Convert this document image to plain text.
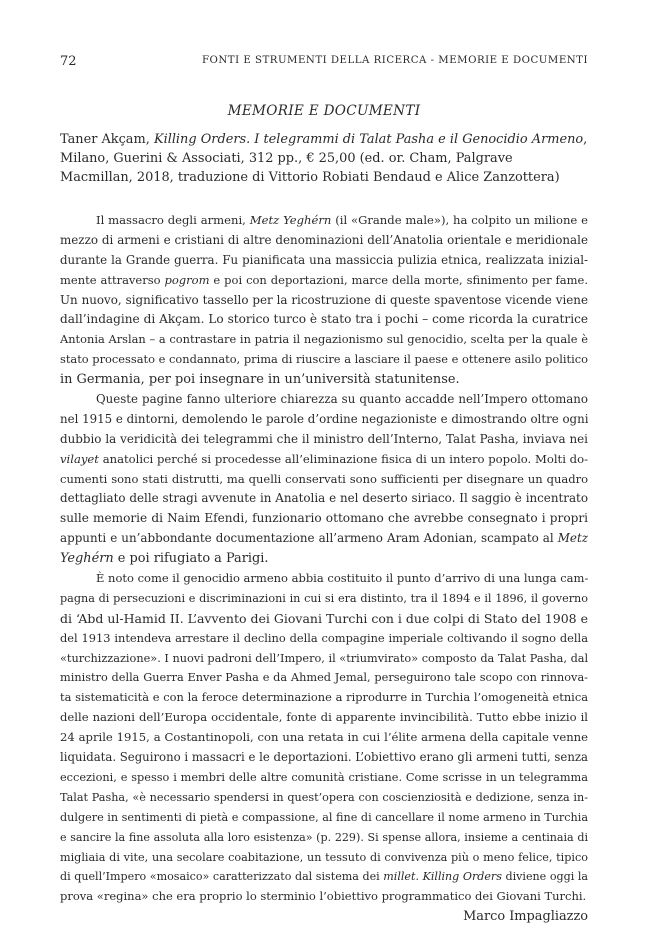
72	FONTI E STRUMENTI DELLA RICERCA - MEMORIE E DOCUMENTI
MEMORIE E DOCUMENTI
Taner Akçam, Killing Orders. I telegrammi di Talat Pasha e il Genocidio Armeno, Milano, Guerini & Associati, 312 pp., € 25,00 (ed. or. Cham, Palgrave Macmillan, 2018, traduzione di Vittorio Robiati Bendaud e Alice Zanzottera)
Il massacro degli armeni, Metz Yeghérn (il «Grande male»), ha colpito un milione e
mezzo di armeni e cristiani di altre denominazioni dell’Anatolia orientale e meridionale
durante la Grande guerra. Fu pianificata una massiccia pulizia etnica, realizzata inizial-
mente attraverso pogrom e poi con deportazioni, marce della morte, sfinimento per fame.
Un nuovo, significativo tassello per la ricostruzione di queste spaventose vicende viene
dall’indagine di Akçam. Lo storico turco è stato tra i pochi – come ricorda la curatrice
Antonia Arslan – a contrastare in patria il negazionismo sul genocidio, scelta per la quale è
stato processato e condannato, prima di riuscire a lasciare il paese e ottenere asilo politico
in Germania, per poi insegnare in un’università statunitense.
Queste pagine fanno ulteriore chiarezza su quanto accadde nell’Impero ottomano
nel 1915 e dintorni, demolendo le parole d’ordine negazioniste e dimostrando oltre ogni
dubbio la veridicità dei telegrammi che il ministro dell’Interno, Talat Pasha, inviava nei
vilayet anatolici perché si procedesse all’eliminazione fisica di un intero popolo. Molti do-
cumenti sono stati distrutti, ma quelli conservati sono sufficienti per disegnare un quadro
dettagliato delle stragi avvenute in Anatolia e nel deserto siriaco. Il saggio è incentrato
sulle memorie di Naim Efendi, funzionario ottomano che avrebbe consegnato i propri
appunti e un’abbondante documentazione all’armeno Aram Adonian, scampato al Metz
Yeghérn e poi rifugiato a Parigi.
È noto come il genocidio armeno abbia costituito il punto d’arrivo di una lunga cam-
pagna di persecuzioni e discriminazioni in cui si era distinto, tra il 1894 e il 1896, il governo
di ‘Abd ul-Hamid II. L’avvento dei Giovani Turchi con i due colpi di Stato del 1908 e
del 1913 intendeva arrestare il declino della compagine imperiale coltivando il sogno della
«turchizzazione». I nuovi padroni dell’Impero, il «triumvirato» composto da Talat Pasha, dal
ministro della Guerra Enver Pasha e da Ahmed Jemal, perseguirono tale scopo con rinnova-
ta sistematicità e con la feroce determinazione a riprodurre in Turchia l’omogeneità etnica
delle nazioni dell’Europa occidentale, fonte di apparente invincibilità. Tutto ebbe inizio il
24 aprile 1915, a Costantinopoli, con una retata in cui l’élite armena della capitale venne
liquidata. Seguirono i massacri e le deportazioni. L’obiettivo erano gli armeni tutti, senza
eccezioni, e spesso i membri delle altre comunità cristiane. Come scrisse in un telegramma
Talat Pasha, «è necessario spendersi in quest’opera con coscienziosità e dedizione, senza in-
dulgere in sentimenti di pietà e compassione, al fine di cancellare il nome armeno in Turchia
e sancire la fine assoluta alla loro esistenza» (p. 229). Si spense allora, insieme a centinaia di
migliaia di vite, una secolare coabitazione, un tessuto di convivenza più o meno felice, tipico
di quell’Impero «mosaico» caratterizzato dal sistema dei millet. Killing Orders diviene oggi la
prova «regina» che era proprio lo sterminio l’obiettivo programmatico dei Giovani Turchi.
Marco Impagliazzo
